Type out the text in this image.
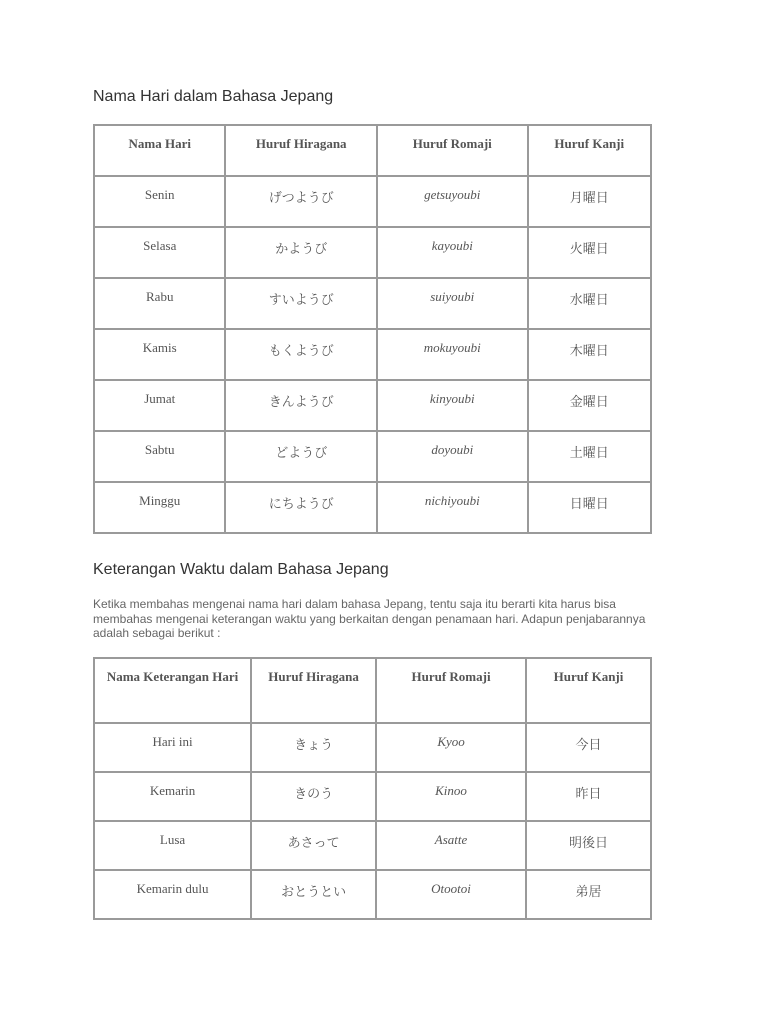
Nama Hari dalam Bahasa Jepang
Nama Hari	Huruf Hiragana	Huruf Romaji	Huruf Kanji
Senin	げつようび	getsuyoubi	月曜日
Selasa	かようび	kayoubi	火曜日
Rabu	すいようび	suiyoubi	水曜日
Kamis	もくようび	mokuyoubi	木曜日
Jumat	きんようび	kinyoubi	金曜日
Sabtu	どようび	doyoubi	土曜日
Minggu	にちようび	nichiyoubi	日曜日
Keterangan Waktu dalam Bahasa Jepang

Ketika membahas mengenai nama hari dalam bahasa Jepang, tentu saja itu berarti kita harus bisa membahas mengenai keterangan waktu yang berkaitan dengan penamaan hari. Adapun penjabarannya adalah sebagai berikut :

Nama Keterangan Hari	Huruf Hiragana	Huruf Romaji	Huruf Kanji
Hari ini	きょう	Kyoo	今日
Kemarin	きのう	Kinoo	昨日
Lusa	あさって	Asatte	明後日
Kemarin dulu	おとうとい	Otootoi	弟居
